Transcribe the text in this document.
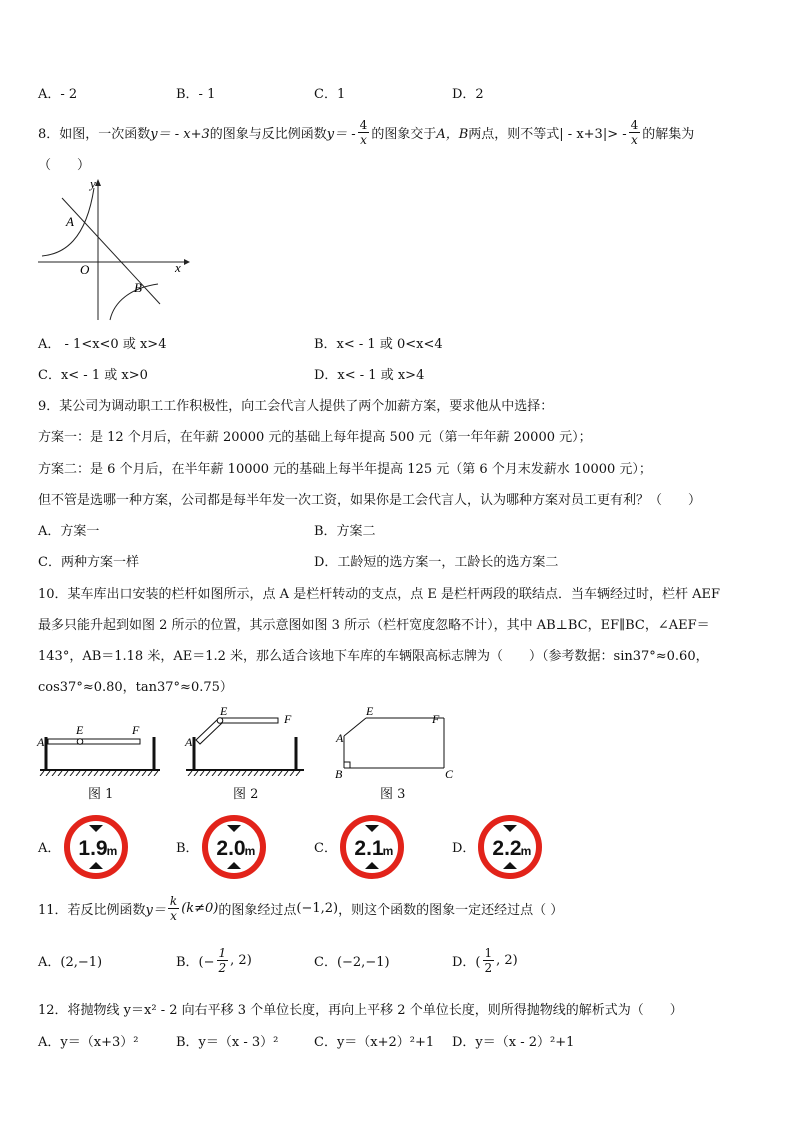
A．- 2	B．- 1	C．1	D．2
8．如图，一次函数 y＝ - x+3 的图象与反比例函数 $y= - \frac{4}{x}$ 的图象交于 A，B 两点，则不等式| - $x+3|> - \frac{4}{x}$ 的解集为
（　　）
y
x
O
A
B
A． - 1<x<0 或 x>4	B．x< - 1 或 0<x<4
C．x< - 1 或 x>0	D．x< - 1 或 x>4
9．某公司为调动职工工作积极性，向工会代言人提供了两个加薪方案，要求他从中选择：
方案一：是 12 个月后，在年薪 20000 元的基础上每年提高 500 元（第一年年薪 20000 元）；
方案二：是 6 个月后，在半年薪 10000 元的基础上每半年提高 125 元（第 6 个月末发薪水 10000 元）；
但不管是选哪一种方案，公司都是每半年发一次工资，如果你是工会代言人，认为哪种方案对员工更有利？（　　）
A．方案一	B．方案二
C．两种方案一样	D．工龄短的选方案一，工龄长的选方案二
10．某车库出口安装的栏杆如图所示，点 A 是栏杆转动的支点，点 E 是栏杆两段的联结点．当车辆经过时，栏杆 AEF
最多只能升起到如图 2 所示的位置，其示意图如图 3 所示（栏杆宽度忽略不计），其中 AB⊥BC，EF∥BC，∠AEF＝
143°，AB＝1.18 米，AE＝1.2 米，那么适合该地下车库的车辆限高标志牌为（　　）（参考数据：sin37°≈0.60，
cos37°≈0.80，tan37°≈0.75）
A
E	F
图 1
A
E
F
图 2
A
E
F
B	C
图 3
A．	B．	C．	D．
1.9 m	2.0 m	2.1 m	2.2 m
11．若反比例函数 $y= \frac{k}{x} (k\ne 0)$ 的图象经过点 (−1,2) ，则这个函数的图象一定还经过点（ ）
A．(2,−1)	B．(− $\frac{1}{2}$ , 2)	C．(−2,−1)	D．( $\frac{1}{2}$ , 2)
12．将抛物线 y＝x² - 2 向右平移 3 个单位长度，再向上平移 2 个单位长度，则所得抛物线的解析式为（　　）
A．y＝（x+3）²	B．y＝（x - 3）²	C．y＝（x+2）²+1 D．y＝（x - 2）²+1
